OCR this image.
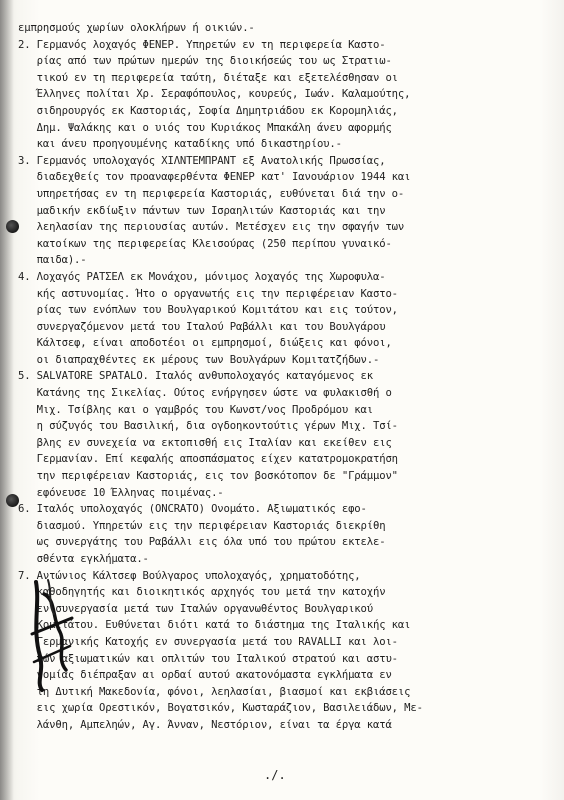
εμπρησμούς χωρίων ολοκλήρων ή οικιών.-
2. Γερμανός λοχαγός ΦΕΝΕΡ. Υπηρετών εν τη περιφερεία Καστο-
ρίας από των πρώτων ημερών της διοικήσεώς του ως Στρατιω-
τικού εν τη περιφερεία ταύτη, διέταξε και εξετελέσθησαν οι
Έλληνες πολίται Χρ. Σεραφόπουλος, κουρεύς, Ιωάν. Καλαμούτης,
σιδηρουργός εκ Καστοριάς, Σοφία Δημητριάδου εκ Κορομηλιάς,
Δημ. Ψαλάκης και ο υιός του Κυριάκος Μπακάλη άνευ αφορμής
και άνευ προηγουμένης καταδίκης υπό δικαστηρίου.-
3. Γερμανός υπολοχαγός ΧΙΛΝΤΕΜΠΡΑΝΤ εξ Ανατολικής Πρωσσίας,
διαδεχθείς τον προαναφερθέντα ΦΕΝΕΡ κατ' Ιανουάριον 1944 και
υπηρετήσας εν τη περιφερεία Καστοριάς, ευθύνεται διά την ο-
μαδικήν εκδίωξιν πάντων των Ισραηλιτών Καστοριάς και την
λεηλασίαν της περιουσίας αυτών. Μετέσχεν εις την σφαγήν των
κατοίκων της περιφερείας Κλεισούρας (250 περίπου γυναικό-
παιδα).-
4. Λοχαγός ΡΑΤΣΕΛ εκ Μονάχου, μόνιμος λοχαγός της Χωροφυλα-
κής αστυνομίας. Ήτο ο οργανωτής εις την περιφέρειαν Καστο-
ρίας των ενόπλων του Βουλγαρικού Κομιτάτου και εις τούτον,
συνεργαζόμενον μετά του Ιταλού Ραβάλλι και του Βουλγάρου
Κάλτσεφ, είναι αποδοτέοι οι εμπρησμοί, διώξεις και φόνοι,
οι διαπραχθέντες εκ μέρους των Βουλγάρων Κομιτατζήδων.-
5. SALVATORE SPATALO. Ιταλός ανθυπολοχαγός καταγόμενος εκ
Κατάνης της Σικελίας. Ούτος ενήργησεν ώστε να φυλακισθή ο
Μιχ. Τσίβλης και ο γαμβρός του Κωνστ/νος Προδρόμου και
η σύζυγός του Βασιλική, δια ογδοηκοντούτις γέρων Μιχ. Τσί-
βλης εν συνεχεία να εκτοπισθή εις Ιταλίαν και εκείθεν εις
Γερμανίαν. Επί κεφαλής αποσπάσματος είχεν κατατρομοκρατήση
την περιφέρειαν Καστοριάς, εις τον βοσκότοπον δε "Γράμμον"
εφόνευσε 10 Έλληνας ποιμένας.-
6. Ιταλός υπολοχαγός (ONCRATO) Ονομάτο. Αξιωματικός εφο-
διασμού. Υπηρετών εις την περιφέρειαν Καστοριάς διεκρίθη
ως συνεργάτης του Ραβάλλι εις όλα υπό του πρώτου εκτελε-
σθέντα εγκλήματα.-
7. Αντώνιος Κάλτσεφ Βούλγαρος υπολοχαγός, χρηματοδότης,
καθοδηγητής και διοικητικός αρχηγός του μετά την κατοχήν
εν συνεργασία μετά των Ιταλών οργανωθέντος Βουλγαρικού
Κομιτάτου. Ευθύνεται διότι κατά το διάστημα της Ιταλικής και
Γερμανικής Κατοχής εν συνεργασία μετά του RAVALLI και λοι-
πών αξιωματικών και οπλιτών του Ιταλικού στρατού και αστυ-
νομίας διέπραξαν αι ορδαί αυτού ακατονόμαστα εγκλήματα εν
τη Δυτική Μακεδονία, φόνοι, λεηλασίαι, βιασμοί και εκβιάσεις
εις χωρία Ορεστικόν, Βογατσικόν, Κωσταράζιον, Βασιλειάδων, Με-
λάνθη, Αμπεληών, Αγ. Άνναν, Νεστόριον, είναι τα έργα κατά
./.
